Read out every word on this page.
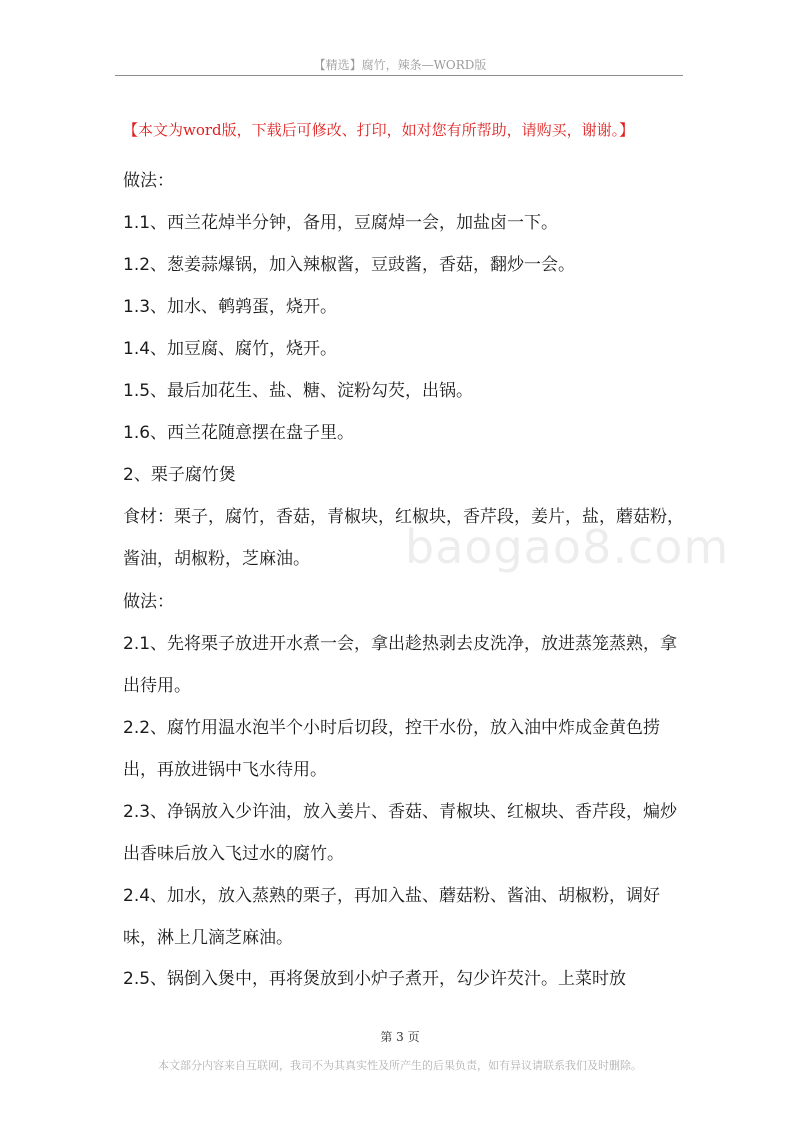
【精选】腐竹，辣条—WORD版
【本文为word版，下载后可修改、打印，如对您有所帮助，请购买，谢谢。】
baogao8.com
做法：
1.1、西兰花焯半分钟，备用，豆腐焯一会，加盐卤一下。
1.2、葱姜蒜爆锅，加入辣椒酱，豆豉酱，香菇，翻炒一会。
1.3、加水、鹌鹑蛋，烧开。
1.4、加豆腐、腐竹，烧开。
1.5、最后加花生、盐、糖、淀粉勾芡，出锅。
1.6、西兰花随意摆在盘子里。
2、栗子腐竹煲
食材：栗子，腐竹，香菇，青椒块，红椒块，香芹段，姜片，盐，蘑菇粉，酱油，胡椒粉，芝麻油。
做法：
2.1、先将栗子放进开水煮一会，拿出趁热剥去皮洗净，放进蒸笼蒸熟，拿出待用。
2.2、腐竹用温水泡半个小时后切段，控干水份，放入油中炸成金黄色捞出，再放进锅中飞水待用。
2.3、净锅放入少许油，放入姜片、香菇、青椒块、红椒块、香芹段，煸炒出香味后放入飞过水的腐竹。
2.4、加水，放入蒸熟的栗子，再加入盐、蘑菇粉、酱油、胡椒粉，调好味，淋上几滴芝麻油。
2.5、锅倒入煲中，再将煲放到小炉子煮开，勾少许芡汁。上菜时放
第 3 页
本文部分内容来自互联网，我司不为其真实性及所产生的后果负责，如有异议请联系我们及时删除。
